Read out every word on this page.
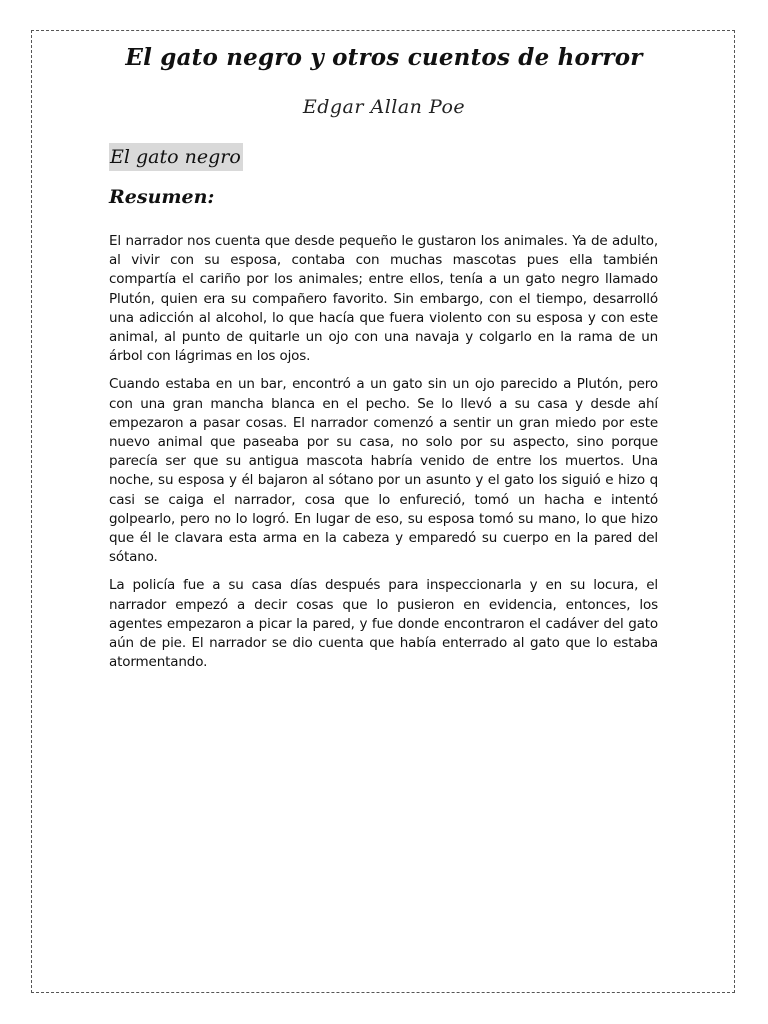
El gato negro y otros cuentos de horror
Edgar Allan Poe
El gato negro
Resumen:

El narrador nos cuenta que desde pequeño le gustaron los animales. Ya de adulto, al vivir con su esposa, contaba con muchas mascotas pues ella también compartía el cariño por los animales; entre ellos, tenía a un gato negro llamado Plutón, quien era su compañero favorito. Sin embargo, con el tiempo, desarrolló una adicción al alcohol, lo que hacía que fuera violento con su esposa y con este animal, al punto de quitarle un ojo con una navaja y colgarlo en la rama de un árbol con lágrimas en los ojos.

Cuando estaba en un bar, encontró a un gato sin un ojo parecido a Plutón, pero con una gran mancha blanca en el pecho. Se lo llevó a su casa y desde ahí empezaron a pasar cosas. El narrador comenzó a sentir un gran miedo por este nuevo animal que paseaba por su casa, no solo por su aspecto, sino porque parecía ser que su antigua mascota habría venido de entre los muertos. Una noche, su esposa y él bajaron al sótano por un asunto y el gato los siguió e hizo q casi se caiga el narrador, cosa que lo enfureció, tomó un hacha e intentó golpearlo, pero no lo logró. En lugar de eso, su esposa tomó su mano, lo que hizo que él le clavara esta arma en la cabeza y emparedó su cuerpo en la pared del sótano.

La policía fue a su casa días después para inspeccionarla y en su locura, el narrador empezó a decir cosas que lo pusieron en evidencia, entonces, los agentes empezaron a picar la pared, y fue donde encontraron el cadáver del gato aún de pie. El narrador se dio cuenta que había enterrado al gato que lo estaba atormentando.
